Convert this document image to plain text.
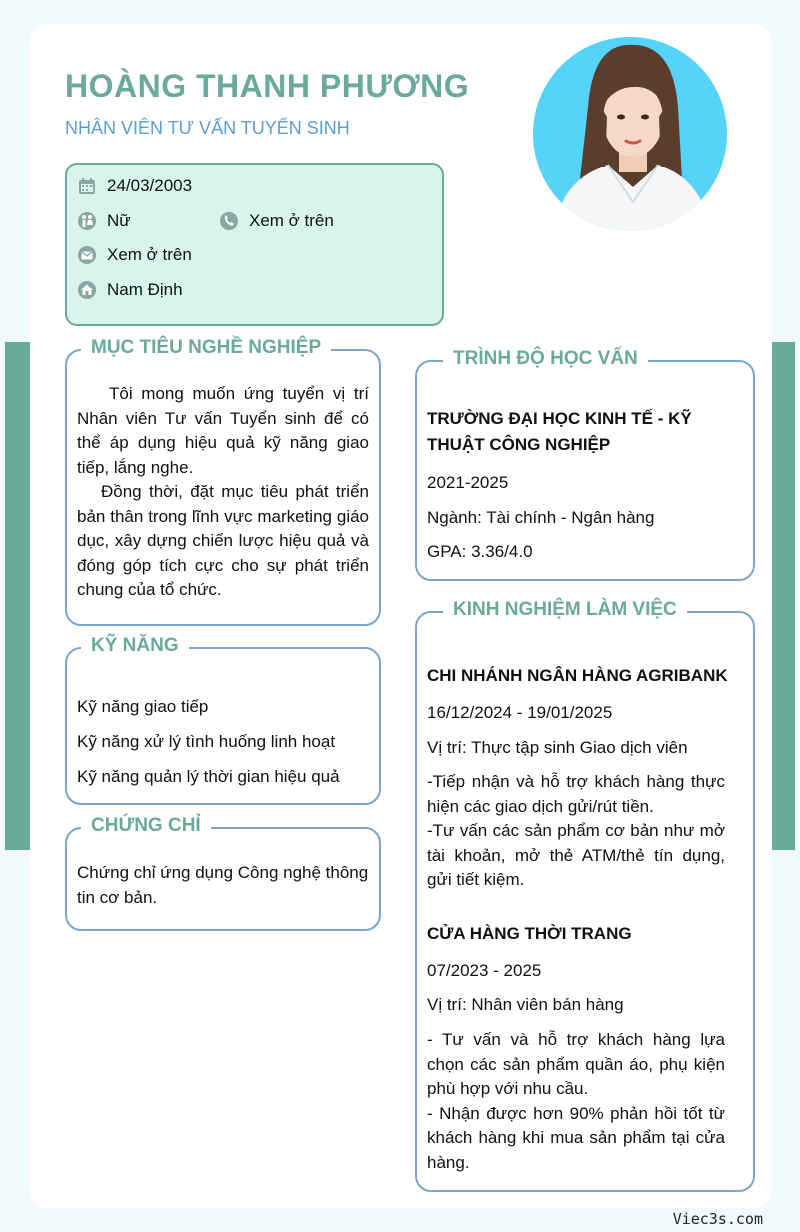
HOÀNG THANH PHƯƠNG
NHÂN VIÊN TƯ VẤN TUYỂN SINH
24/03/2003
Nữ	Xem ở trên
Xem ở trên
Nam Định
MỤC TIÊU NGHỀ NGHIỆP

Tôi mong muốn ứng tuyển vị trí Nhân viên Tư vấn Tuyển sinh để có thể áp dụng hiệu quả kỹ năng giao tiếp, lắng nghe.

Đồng thời, đặt mục tiêu phát triển bản thân trong lĩnh vực marketing giáo dục, xây dựng chiến lược hiệu quả và đóng góp tích cực cho sự phát triển chung của tổ chức.

KỸ NĂNG
Kỹ năng giao tiếp
Kỹ năng xử lý tình huống linh hoạt
Kỹ năng quản lý thời gian hiệu quả
CHỨNG CHỈ

Chứng chỉ ứng dụng Công nghệ thông tin cơ bản.

TRÌNH ĐỘ HỌC VẤN
TRƯỜNG ĐẠI HỌC KINH TẾ - KỸ
THUẬT CÔNG NGHIỆP
2021-2025
Ngành: Tài chính - Ngân hàng
GPA: 3.36/4.0
KINH NGHIỆM LÀM VIỆC
CHI NHÁNH NGÂN HÀNG AGRIBANK
16/12/2024 - 19/01/2025
Vị trí: Thực tập sinh Giao dịch viên

-Tiếp nhận và hỗ trợ khách hàng thực hiện các giao dịch gửi/rút tiền.

-Tư vấn các sản phẩm cơ bản như mở tài khoản, mở thẻ ATM/thẻ tín dụng, gửi tiết kiệm.

CỬA HÀNG THỜI TRANG
07/2023 - 2025
Vị trí: Nhân viên bán hàng

- Tư vấn và hỗ trợ khách hàng lựa chọn các sản phẩm quần áo, phụ kiện phù hợp với nhu cầu.

- Nhận được hơn 90% phản hồi tốt từ khách hàng khi mua sản phẩm tại cửa hàng.

Viec3s.com
